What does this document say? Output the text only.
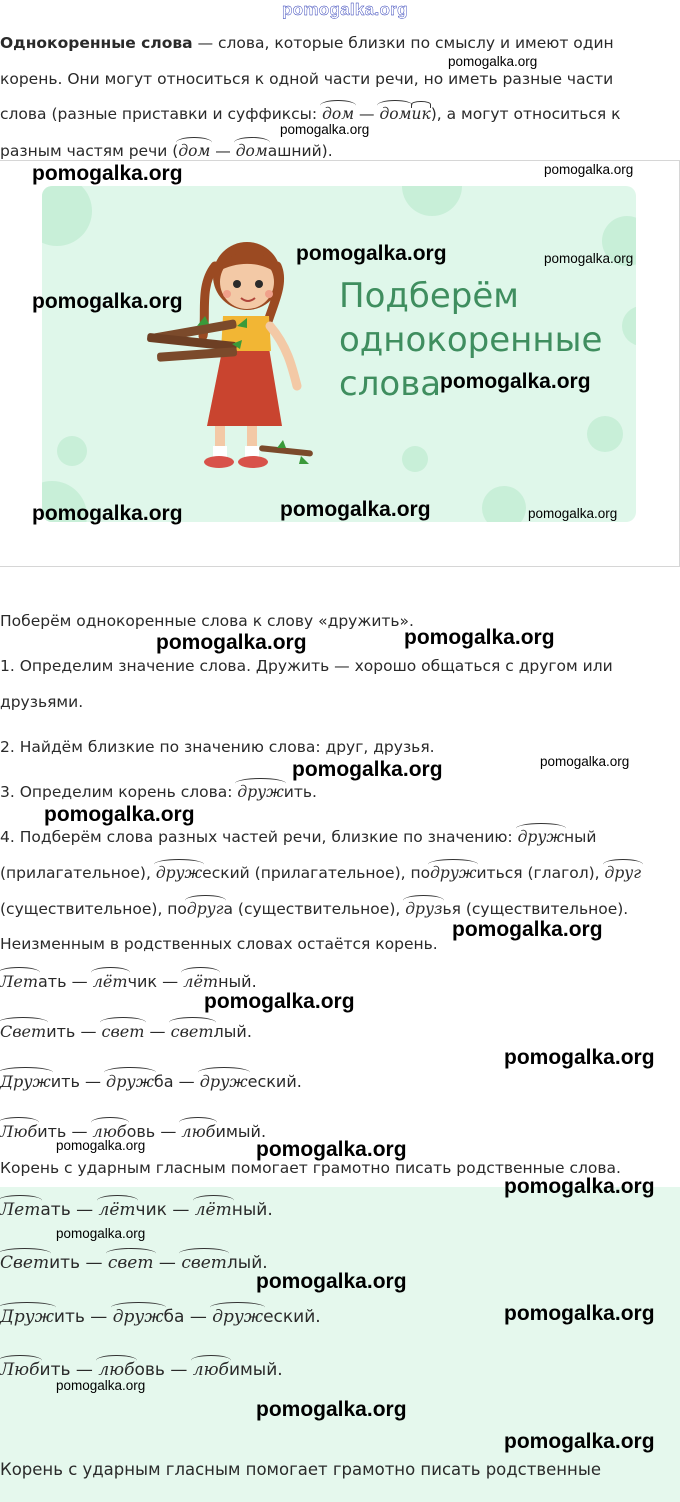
pomogalka.org
Однокоренные слова — слова, которые близки по смыслу и имеют один
корень. Они могут относиться к одной части речи, но иметь разные части
слова (разные приставки и суффиксы: дом — домик), а могут относиться к
разным частям речи (дом — домашний).
Подберём
однокоренные
слова
Поберём однокоренные слова к слову «дружить».
1. Определим значение слова. Дружить — хорошо общаться с другом или
друзьями.
2. Найдём близкие по значению слова: друг, друзья.
3. Определим корень слова: дружить.
4. Подберём слова разных частей речи, близкие по значению: дружный
(прилагательное), дружеский (прилагательное), подружиться (глагол), друг
(существительное), подруга (существительное), друзья (существительное).
Неизменным в родственных словах остаётся корень.
Летать — лётчик — лётный.
Светить — свет — светлый.
Дружить — дружба — дружеский.
Любить — любовь — любимый.
Корень с ударным гласным помогает грамотно писать родственные слова.
Летать — лётчик — лётный.
Светить — свет — светлый.
Дружить — дружба — дружеский.
Любить — любовь — любимый.
Корень с ударным гласным помогает грамотно писать родственные
pomogalka.org
pomogalka.org
pomogalka.org	pomogalka.org
pomogalka.org	pomogalka.org
pomogalka.org
pomogalka.org
pomogalka.org	pomogalka.org	pomogalka.org
pomogalka.org	pomogalka.org
pomogalka.org	pomogalka.org
pomogalka.org
pomogalka.org
pomogalka.org
pomogalka.org
pomogalka.org	pomogalka.org
pomogalka.org
pomogalka.org
pomogalka.org
pomogalka.org
pomogalka.org
pomogalka.org
pomogalka.org
